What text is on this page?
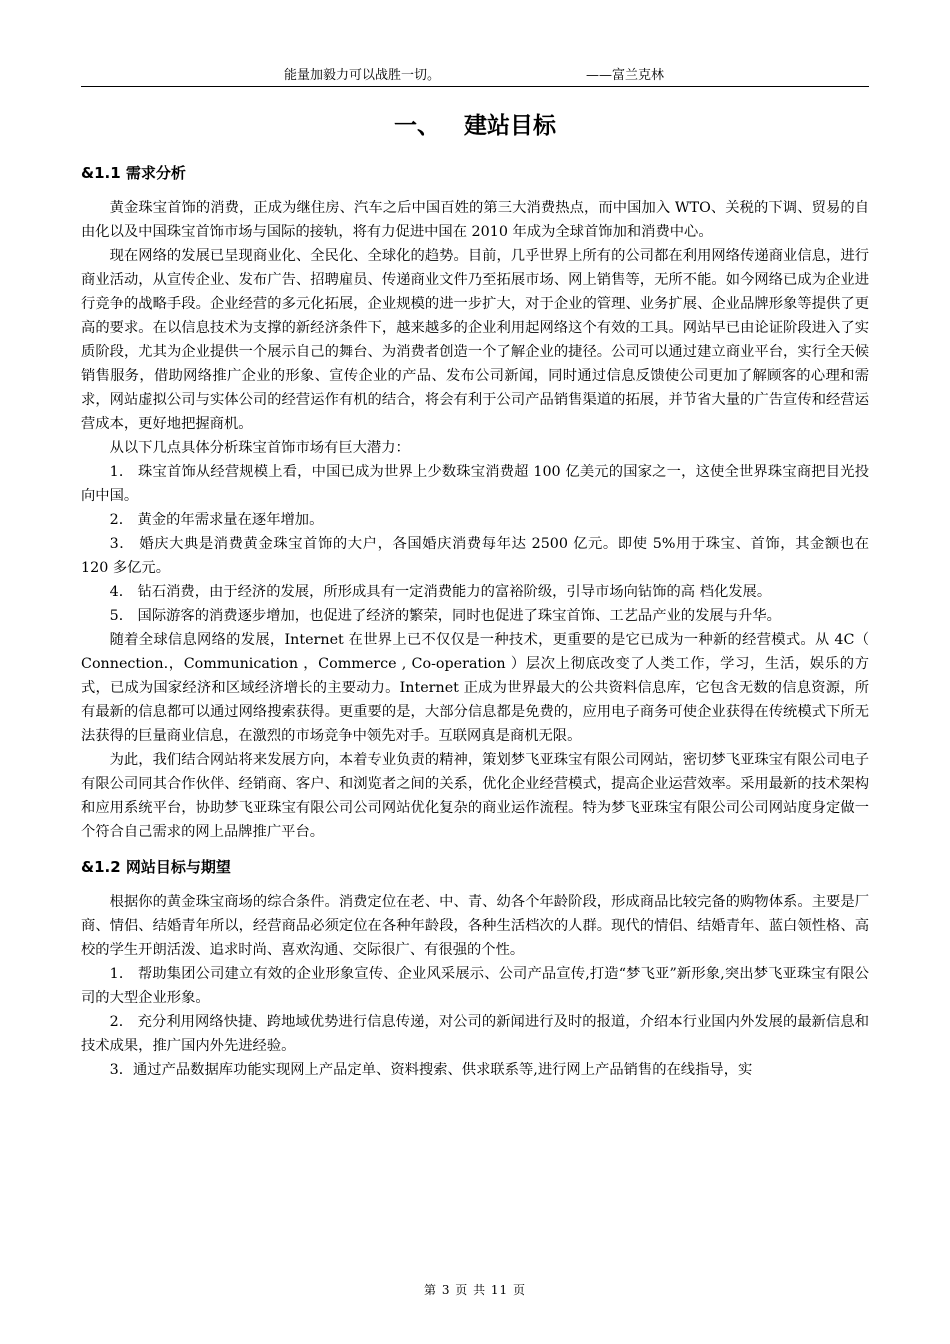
能量加毅力可以战胜一切。	——富兰克林
一、 建站目标
&1.1 需求分析

黄金珠宝首饰的消费，正成为继住房、汽车之后中国百姓的第三大消费热点，而中国加入 WTO、关税的下调、贸易的自由化以及中国珠宝首饰市场与国际的接轨，将有力促进中国在 2010 年成为全球首饰加和消费中心。

现在网络的发展已呈现商业化、全民化、全球化的趋势。目前，几乎世界上所有的公司都在利用网络传递商业信息，进行商业活动，从宣传企业、发布广告、招聘雇员、传递商业文件乃至拓展市场、网上销售等，无所不能。如今网络已成为企业进行竞争的战略手段。企业经营的多元化拓展，企业规模的进一步扩大，对于企业的管理、业务扩展、企业品牌形象等提供了更高的要求。在以信息技术为支撑的新经济条件下，越来越多的企业利用起网络这个有效的工具。网站早已由论证阶段进入了实质阶段，尤其为企业提供一个展示自己的舞台、为消费者创造一个了解企业的捷径。公司可以通过建立商业平台，实行全天候销售服务，借助网络推广企业的形象、宣传企业的产品、发布公司新闻，同时通过信息反馈使公司更加了解顾客的心理和需求，网站虚拟公司与实体公司的经营运作有机的结合，将会有利于公司产品销售渠道的拓展，并节省大量的广告宣传和经营运营成本，更好地把握商机。

从以下几点具体分析珠宝首饰市场有巨大潜力：

1． 珠宝首饰从经营规模上看，中国已成为世界上少数珠宝消费超 100 亿美元的国家之一，这使全世界珠宝商把目光投向中国。

2． 黄金的年需求量在逐年增加。

3． 婚庆大典是消费黄金珠宝首饰的大户，各国婚庆消费每年达 2500 亿元。即使 5%用于珠宝、首饰，其金额也在 120 多亿元。

4． 钻石消费，由于经济的发展，所形成具有一定消费能力的富裕阶级，引导市场向钻饰的高 档化发展。

5． 国际游客的消费逐步增加，也促进了经济的繁荣，同时也促进了珠宝首饰、工艺品产业的发展与升华。

随着全球信息网络的发展，Internet 在世界上已不仅仅是一种技术，更重要的是它已成为一种新的经营模式。从 4C（ Connection.，Communication ，Commerce , Co-operation ）层次上彻底改变了人类工作，学习，生活，娱乐的方式，已成为国家经济和区域经济增长的主要动力。Internet 正成为世界最大的公共资料信息库，它包含无数的信息资源，所有最新的信息都可以通过网络搜索获得。更重要的是，大部分信息都是免费的，应用电子商务可使企业获得在传统模式下所无法获得的巨量商业信息，在激烈的市场竞争中领先对手。互联网真是商机无限。

为此，我们结合网站将来发展方向，本着专业负责的精神，策划梦飞亚珠宝有限公司网站，密切梦飞亚珠宝有限公司电子有限公司同其合作伙伴、经销商、客户、和浏览者之间的关系，优化企业经营模式，提高企业运营效率。采用最新的技术架构和应用系统平台，协助梦飞亚珠宝有限公司公司网站优化复杂的商业运作流程。特为梦飞亚珠宝有限公司公司网站度身定做一个符合自己需求的网上品牌推广平台。

&1.2 网站目标与期望

根据你的黄金珠宝商场的综合条件。消费定位在老、中、青、幼各个年龄阶段，形成商品比较完备的购物体系。主要是厂商、情侣、结婚青年所以，经营商品必须定位在各种年龄段，各种生活档次的人群。现代的情侣、结婚青年、蓝白领性格、高校的学生开朗活泼、追求时尚、喜欢沟通、交际很广、有很强的个性。

1． 帮助集团公司建立有效的企业形象宣传、企业风采展示、公司产品宣传,打造“梦飞亚”新形象,突出梦飞亚珠宝有限公司的大型企业形象。

2． 充分利用网络快捷、跨地域优势进行信息传递，对公司的新闻进行及时的报道，介绍本行业国内外发展的最新信息和技术成果，推广国内外先进经验。

3．通过产品数据库功能实现网上产品定单、资料搜索、供求联系等,进行网上产品销售的在线指导，实

第 3 页 共 11 页
